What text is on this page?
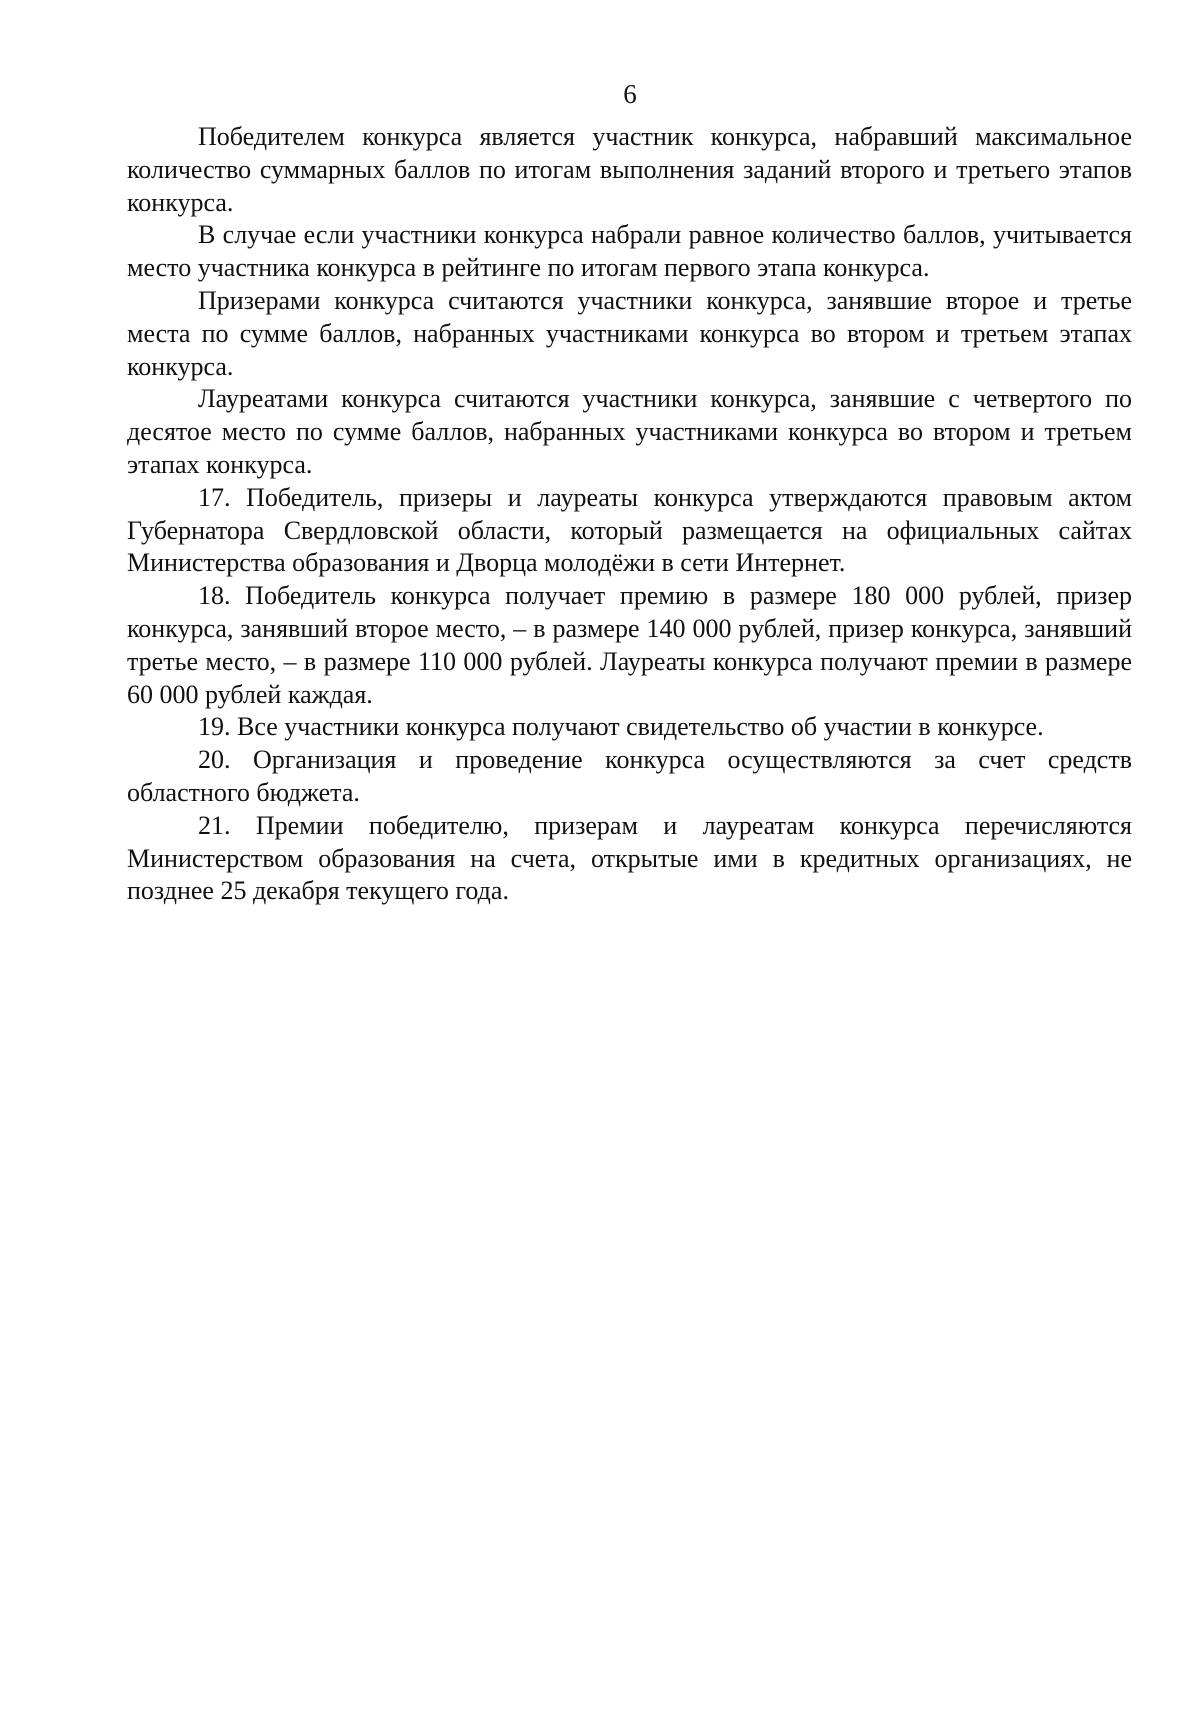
6

Победителем конкурса является участник конкурса, набравший максимальное количество суммарных баллов по итогам выполнения заданий второго и третьего этапов конкурса.

В случае если участники конкурса набрали равное количество баллов, учитывается место участника конкурса в рейтинге по итогам первого этапа конкурса.

Призерами конкурса считаются участники конкурса, занявшие второе и третье места по сумме баллов, набранных участниками конкурса во втором и третьем этапах конкурса.

Лауреатами конкурса считаются участники конкурса, занявшие с четвертого по десятое место по сумме баллов, набранных участниками конкурса во втором и третьем этапах конкурса.

17. Победитель, призеры и лауреаты конкурса утверждаются правовым актом Губернатора Свердловской области, который размещается на официальных сайтах Министерства образования и Дворца молодёжи в сети Интернет.

18. Победитель конкурса получает премию в размере 180 000 рублей, призер конкурса, занявший второе место, – в размере 140 000 рублей, призер конкурса, занявший третье место, – в размере 110 000 рублей. Лауреаты конкурса получают премии в размере 60 000 рублей каждая.

19. Все участники конкурса получают свидетельство об участии в конкурсе.

20. Организация и проведение конкурса осуществляются за счет средств областного бюджета.

21. Премии победителю, призерам и лауреатам конкурса перечисляются Министерством образования на счета, открытые ими в кредитных организациях, не позднее 25 декабря текущего года.
